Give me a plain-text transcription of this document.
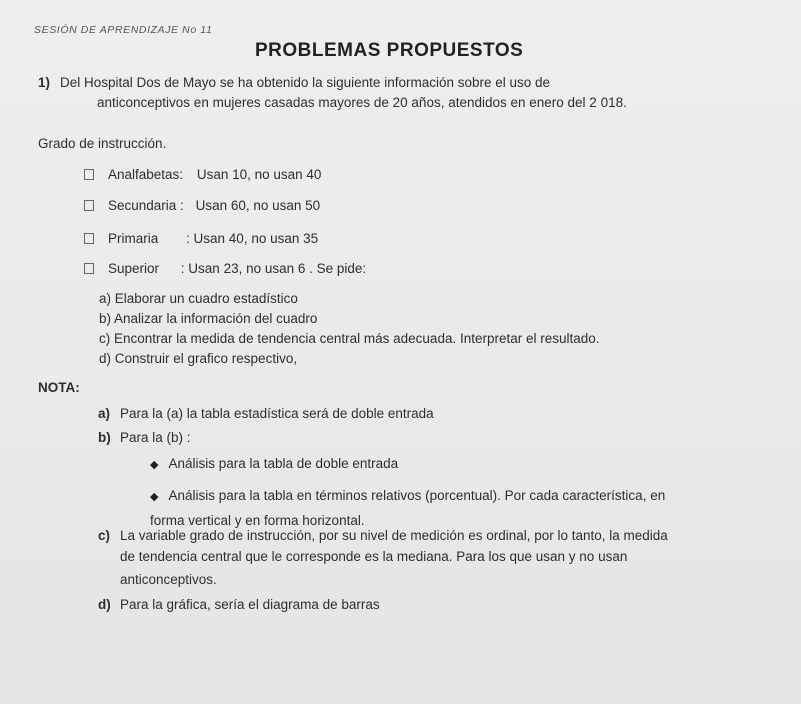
SESIÓN DE APRENDIZAJE No 11
PROBLEMAS PROPUESTOS
1) Del Hospital Dos de Mayo se ha obtenido la siguiente información sobre el uso de
anticonceptivos en mujeres casadas mayores de 20 años, atendidos en enero del 2 018.
Grado de instrucción.
Analfabetas: Usan 10, no usan 40
Secundaria : Usan 60, no usan 50
Primaria : Usan 40, no usan 35
Superior : Usan 23, no usan 6 . Se pide:
a) Elaborar un cuadro estadístico
b) Analizar la información del cuadro
c) Encontrar la medida de tendencia central más adecuada. Interpretar el resultado.
d) Construir el grafico respectivo,
NOTA:
a) Para la (a) la tabla estadística será de doble entrada
b) Para la (b) :
◆ Análisis para la tabla de doble entrada
◆ Análisis para la tabla en términos relativos (porcentual). Por cada característica, en
forma vertical y en forma horizontal.
c) La variable grado de instrucción, por su nivel de medición es ordinal, por lo tanto, la medida
de tendencia central que le corresponde es la mediana. Para los que usan y no usan
anticonceptivos.
d) Para la gráfica, sería el diagrama de barras
